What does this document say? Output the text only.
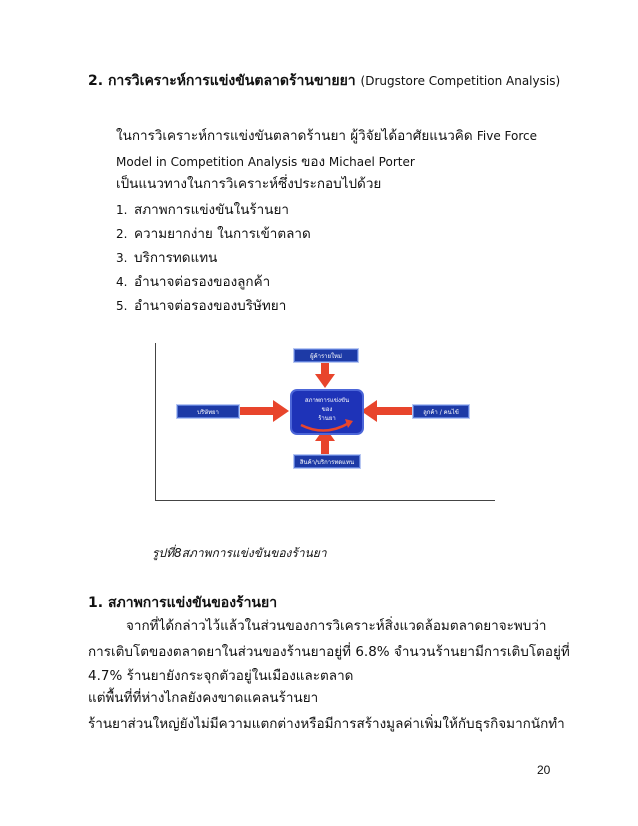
2. การวิเคราะห์การแข่งขันตลาดร้านขายยา (Drugstore Competition Analysis)
ในการวิเคราะห์การแข่งขันตลาดร้านยา ผู้วิจัยได้อาศัยแนวคิด Five Force
Model in Competition Analysis ของ Michael Porter
เป็นแนวทางในการวิเคราะห์ซึ่งประกอบไปด้วย
1. สภาพการแข่งขันในร้านยา
2. ความยากง่าย ในการเข้าตลาด
3. บริการทดแทน
4. อำนาจต่อรองของลูกค้า
5. อำนาจต่อรองของบริษัทยา
ผู้ค้ารายใหม่
บริษัทยา	ลูกค้า / คนไข้
สินค้า/บริการทดแทน
สภาพการแข่งขัน
ของ
ร้านยา
รูปที่8สภาพการแข่งขันของร้านยา
1. สภาพการแข่งขันของร้านยา
จากที่ได้กล่าวไว้แล้วในส่วนของการวิเคราะห์สิ่งแวดล้อมตลาดยาจะพบว่า
การเติบโตของตลาดยาในส่วนของร้านยาอยู่ที่ 6.8% จำนวนร้านยามีการเติบโตอยู่ที่
4.7% ร้านยายังกระจุกตัวอยู่ในเมืองและตลาด
แต่พื้นที่ที่ห่างไกลยังคงขาดแคลนร้านยา
ร้านยาส่วนใหญ่ยังไม่มีความแตกต่างหรือมีการสร้างมูลค่าเพิ่มให้กับธุรกิจมากนักทำ
20
